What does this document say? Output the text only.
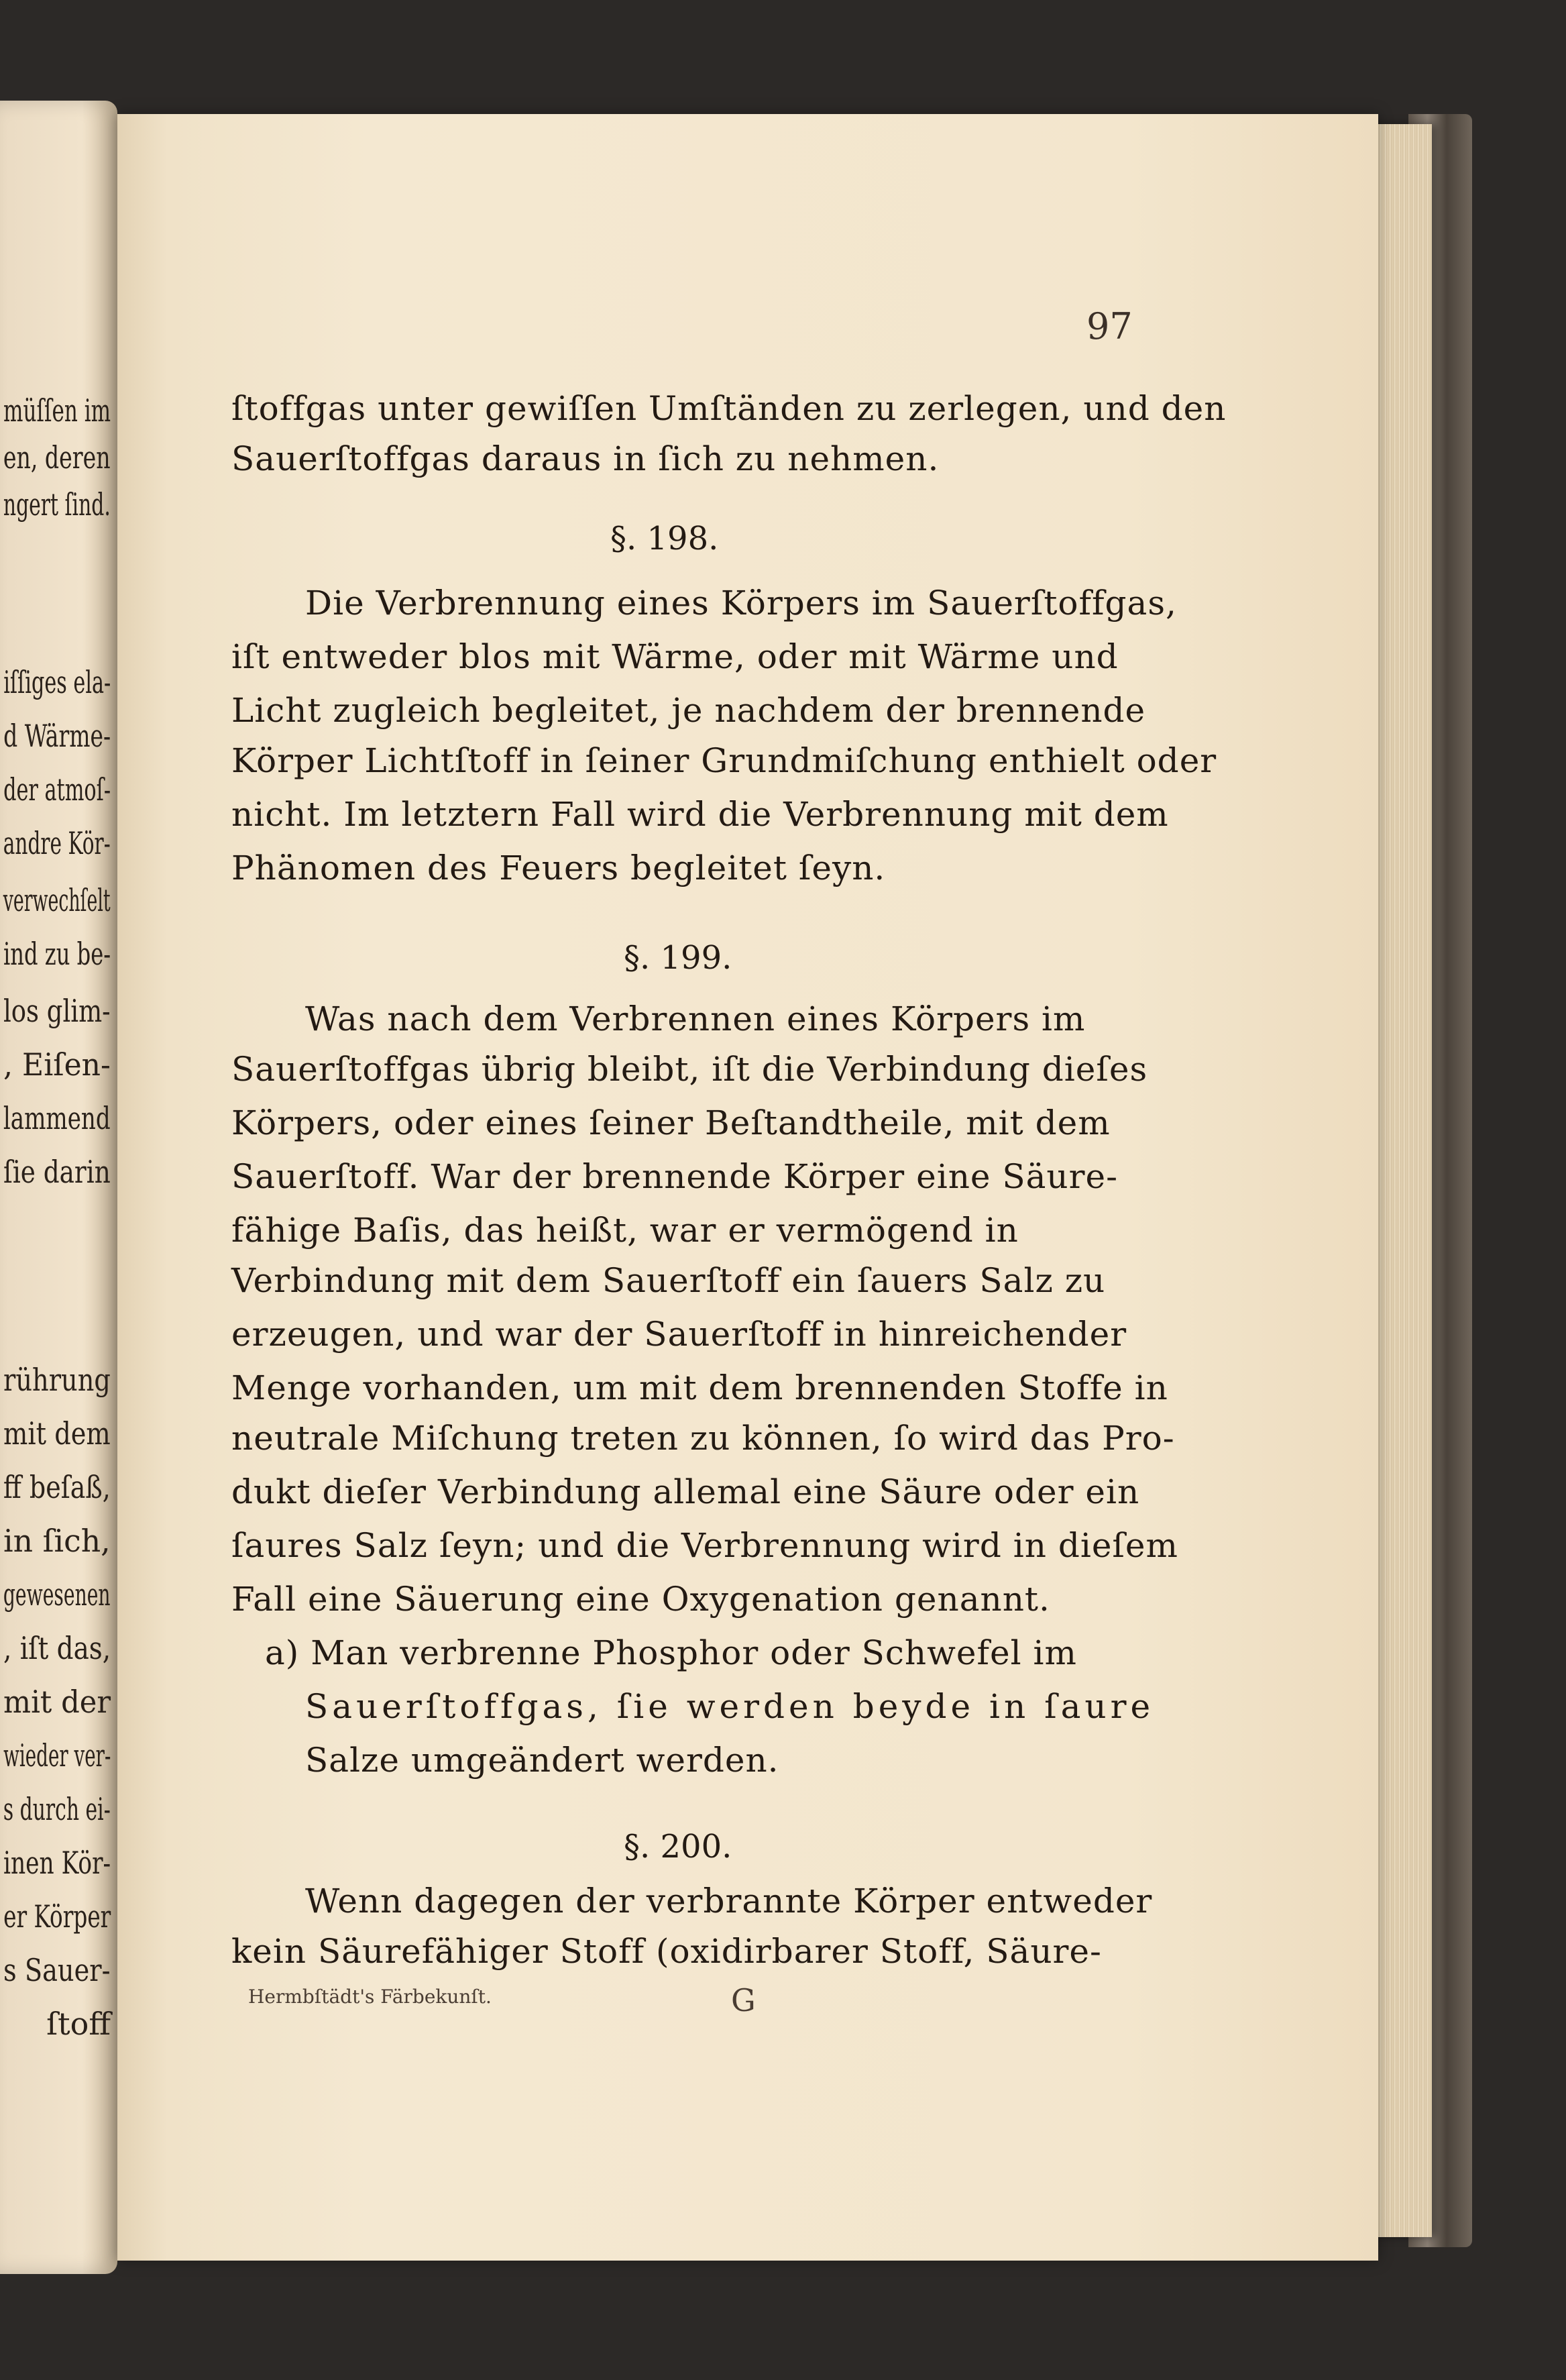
müſſen im
en, deren
ngert ſind.
iſſiges ela-
d Wärme-
der atmoſ-
andre Kör-
verwechſelt
ind zu be-
los glim-
, Eiſen-
lammend
ſie darin
rührung
mit dem
ff beſaß,
in ſich,
gewesenen
, iſt das,
mit der
wieder ver-
s durch ei-
inen Kör-
er Körper
s Sauer-
ſtoff
97
ſtoffgas unter gewiſſen Umſtänden zu zerlegen, und den
Sauerſtoffgas daraus in ſich zu nehmen.
§. 198.
Die Verbrennung eines Körpers im Sauerſtoffgas,
iſt entweder blos mit Wärme, oder mit Wärme und
Licht zugleich begleitet, je nachdem der brennende
Körper Lichtſtoff in ſeiner Grundmiſchung enthielt oder
nicht. Im letztern Fall wird die Verbrennung mit dem
Phänomen des Feuers begleitet ſeyn.
§. 199.
Was nach dem Verbrennen eines Körpers im
Sauerſtoffgas übrig bleibt, iſt die Verbindung dieſes
Körpers, oder eines ſeiner Beſtandtheile, mit dem
Sauerſtoff. War der brennende Körper eine Säure-
fähige Baſis, das heißt, war er vermögend in
Verbindung mit dem Sauerſtoff ein ſauers Salz zu
erzeugen, und war der Sauerſtoff in hinreichender
Menge vorhanden, um mit dem brennenden Stoffe in
neutrale Miſchung treten zu können, ſo wird das Pro-
dukt dieſer Verbindung allemal eine Säure oder ein
ſaures Salz ſeyn; und die Verbrennung wird in dieſem
Fall eine Säuerung eine Oxygenation genannt.
a) Man verbrenne Phosphor oder Schwefel im
Sauerſtoffgas, ſie werden beyde in ſaure
Salze umgeändert werden.
§. 200.
Wenn dagegen der verbrannte Körper entweder
kein Säurefähiger Stoff (oxidirbarer Stoff, Säure-
Hermbſtädt's Färbekunſt.	G
